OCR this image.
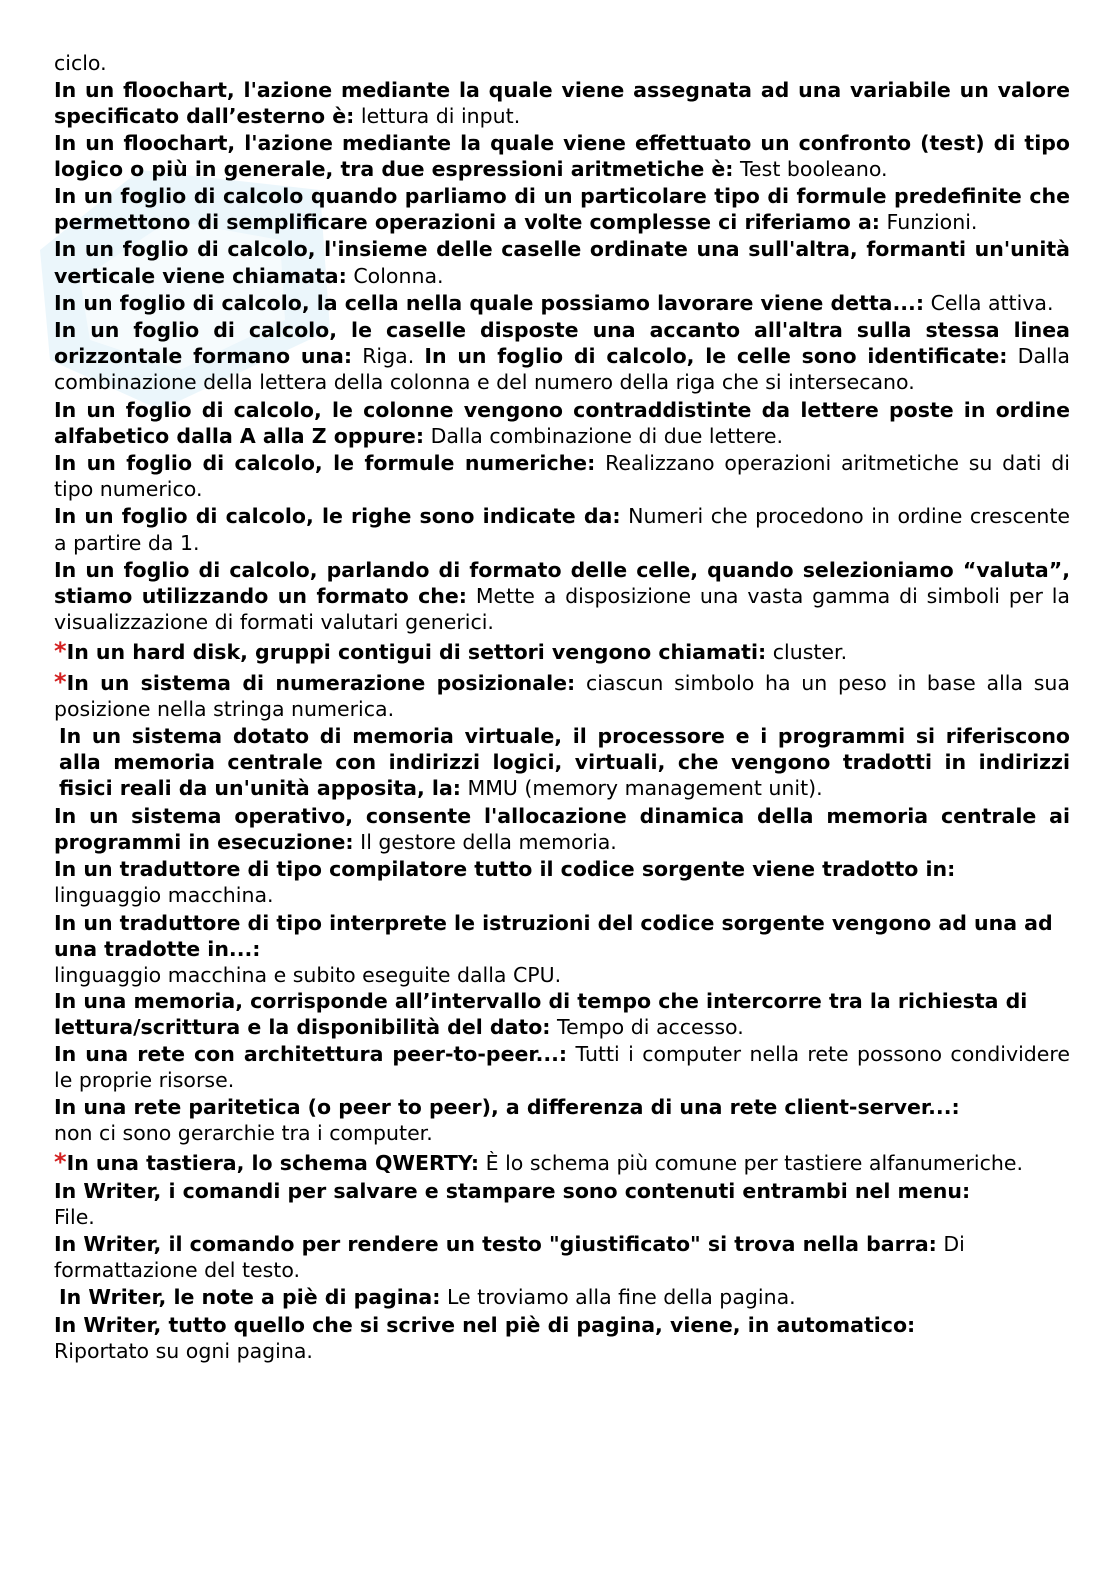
ciclo.

In un floochart, l'azione mediante la quale viene assegnata ad una variabile un valore specificato dall’esterno è: lettura di input.

In un floochart, l'azione mediante la quale viene effettuato un confronto (test) di tipo logico o più in generale, tra due espressioni aritmetiche è: Test booleano.

In un foglio di calcolo quando parliamo di un particolare tipo di formule predefinite che permettono di semplificare operazioni a volte complesse ci riferiamo a: Funzioni.

In un foglio di calcolo, l'insieme delle caselle ordinate una sull'altra, formanti un'unità verticale viene chiamata: Colonna.

In un foglio di calcolo, la cella nella quale possiamo lavorare viene detta...: Cella attiva.

In un foglio di calcolo, le caselle disposte una accanto all'altra sulla stessa linea orizzontale formano una: Riga. In un foglio di calcolo, le celle sono identificate: Dalla combinazione della lettera della colonna e del numero della riga che si intersecano.

In un foglio di calcolo, le colonne vengono contraddistinte da lettere poste in ordine alfabetico dalla A alla Z oppure: Dalla combinazione di due lettere.

In un foglio di calcolo, le formule numeriche: Realizzano operazioni aritmetiche su dati di tipo numerico.

In un foglio di calcolo, le righe sono indicate da: Numeri che procedono in ordine crescente a partire da 1.

In un foglio di calcolo, parlando di formato delle celle, quando selezioniamo “valuta”, stiamo utilizzando un formato che: Mette a disposizione una vasta gamma di simboli per la visualizzazione di formati valutari generici.

*In un hard disk, gruppi contigui di settori vengono chiamati: cluster.

*In un sistema di numerazione posizionale: ciascun simbolo ha un peso in base alla sua posizione nella stringa numerica.

In un sistema dotato di memoria virtuale, il processore e i programmi si riferiscono alla memoria centrale con indirizzi logici, virtuali, che vengono tradotti in indirizzi fisici reali da un'unità apposita, la: MMU (memory management unit).

In un sistema operativo, consente l'allocazione dinamica della memoria centrale ai programmi in esecuzione: Il gestore della memoria.

In un traduttore di tipo compilatore tutto il codice sorgente viene tradotto in:
linguaggio macchina.

In un traduttore di tipo interprete le istruzioni del codice sorgente vengono ad una ad una tradotte in...:
linguaggio macchina e subito eseguite dalla CPU.

In una memoria, corrisponde all’intervallo di tempo che intercorre tra la richiesta di lettura/scrittura e la disponibilità del dato: Tempo di accesso.

In una rete con architettura peer-to-peer...: Tutti i computer nella rete possono condividere le proprie risorse.

In una rete paritetica (o peer to peer), a differenza di una rete client-server...:
non ci sono gerarchie tra i computer.

*In una tastiera, lo schema QWERTY: È lo schema più comune per tastiere alfanumeriche.

In Writer, i comandi per salvare e stampare sono contenuti entrambi nel menu:
File.

In Writer, il comando per rendere un testo "giustificato" si trova nella barra: Di formattazione del testo.

In Writer, le note a piè di pagina: Le troviamo alla fine della pagina.

In Writer, tutto quello che si scrive nel piè di pagina, viene, in automatico:
Riportato su ogni pagina.
